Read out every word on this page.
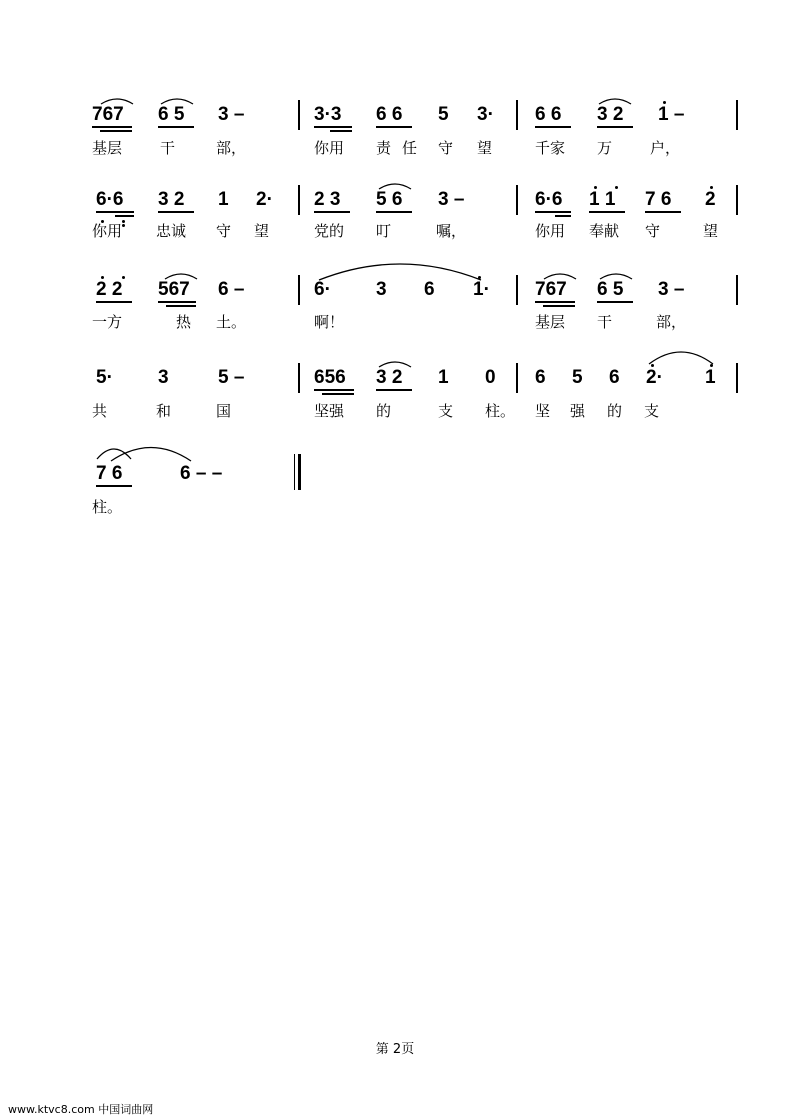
767 6 5 3 –	3·3 6 6 5 3· 6 6 3 2 1 –
基层	干	部，	你用 责 任 守 望	千家 万	户，
6·6 3 2 1 2· 2 3 5 6 3 –	6·6 1 1 7 6 2
你用 忠诚 守 望	党的 叮	嘱，	你用 奉献 守	望
2 2 567 6 –	6· 3 6 1· 767 6 5 3 –
一方	热 土。	啊！	基层 干	部，
5· 3	5 –	656 3 2 1 0 6 5 6 2· 1
共	和	国	坚强 的	支 柱。 坚 强 的 支
7 6	6 – –
柱。
第 2页
www.ktvc8.com 中国词曲网
